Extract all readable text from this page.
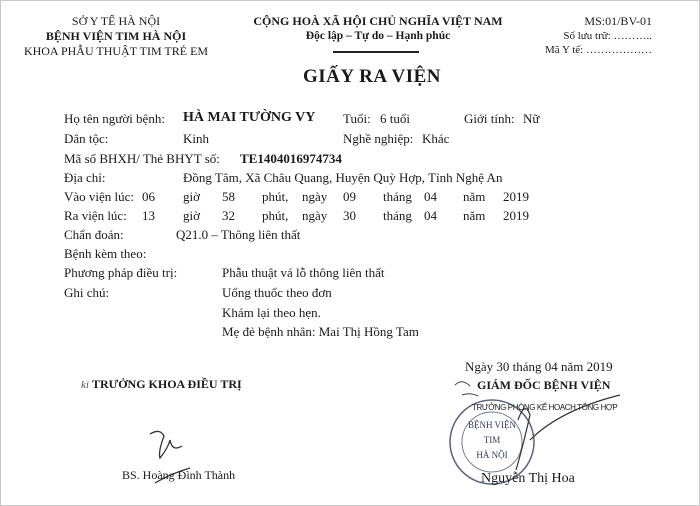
SỞ Y TẾ HÀ NỘI
BỆNH VIỆN TIM HÀ NỘI
KHOA PHẪU THUẬT TIM TRẺ EM
CỘNG HOÀ XÃ HỘI CHỦ NGHĨA VIỆT NAM
Độc lập – Tự do – Hạnh phúc
MS:01/BV-01
Số lưu trữ: ………..
Mã Y tế: ………………
GIẤY RA VIỆN
Họ tên người bệnh: HÀ MAI TƯỜNG VY Tuổi: 6 tuổi	Giới tính: Nữ
Dân tộc:	Kinh	Nghề nghiệp: Khác
Mã số BHXH/ Thẻ BHYT số: TE1404016974734
Địa chỉ:	Đồng Tâm, Xã Châu Quang, Huyện Quỳ Hợp, Tỉnh Nghệ An
Vào viện lúc: 06 giờ 58 phút, ngày 09 tháng 04 năm 2019
Ra viện lúc: 13 giờ 32 phút, ngày 30 tháng 04 năm 2019
Chẩn đoán:	Q21.0 – Thông liên thất
Bệnh kèm theo:
Phương pháp điều trị:	Phẫu thuật vá lỗ thông liên thất
Ghi chú:	Uống thuốc theo đơn
Khám lại theo hẹn.
Mẹ đẻ bệnh nhân: Mai Thị Hồng Tam
Ngày 30 tháng 04 năm 2019
ki TRƯỞNG KHOA ĐIỀU TRỊ
BS. Hoàng Đình Thành
GIÁM ĐỐC BỆNH VIỆN
TRƯỞNG PHÒNG KẾ HOẠCH TỔNG HỢP
BỆNH VIỆN
TIM
HÀ NỘI
Nguyễn Thị Hoa
